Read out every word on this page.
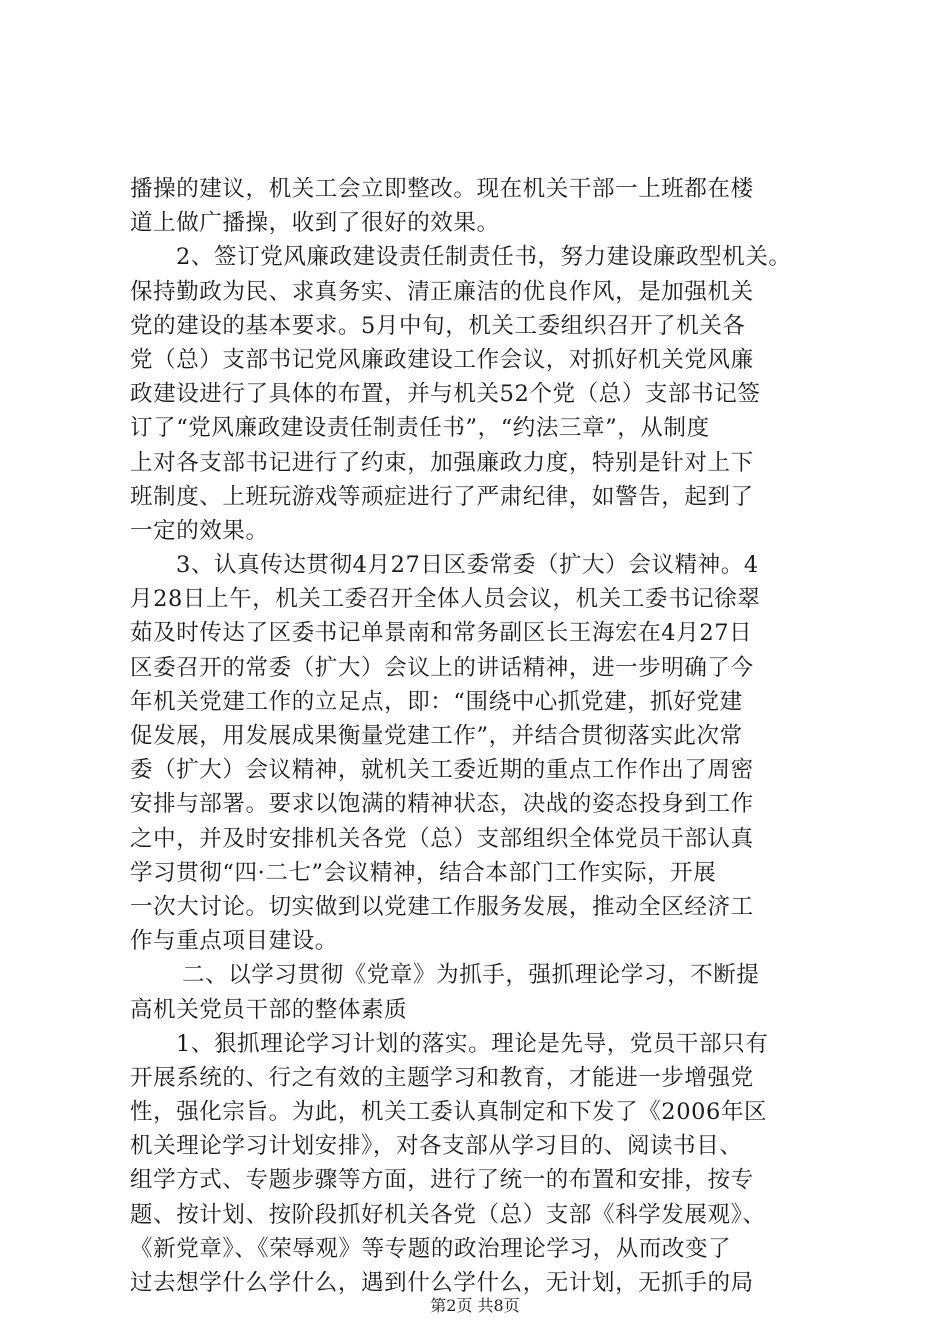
播操的建议，机关工会立即整改。现在机关干部一上班都在楼
道上做广播操，收到了很好的效果。
2、签订党风廉政建设责任制责任书，努力建设廉政型机关。
保持勤政为民、求真务实、清正廉洁的优良作风，是加强机关
党的建设的基本要求。5月中旬，机关工委组织召开了机关各
党（总）支部书记党风廉政建设工作会议，对抓好机关党风廉
政建设进行了具体的布置，并与机关52个党（总）支部书记签
订了“党风廉政建设责任制责任书”，“约法三章”，从制度
上对各支部书记进行了约束，加强廉政力度，特别是针对上下
班制度、上班玩游戏等顽症进行了严肃纪律，如警告，起到了
一定的效果。
3、认真传达贯彻4月27日区委常委（扩大）会议精神。4
月28日上午，机关工委召开全体人员会议，机关工委书记徐翠
茹及时传达了区委书记单景南和常务副区长王海宏在4月27日
区委召开的常委（扩大）会议上的讲话精神，进一步明确了今
年机关党建工作的立足点，即：“围绕中心抓党建，抓好党建
促发展，用发展成果衡量党建工作”，并结合贯彻落实此次常
委（扩大）会议精神，就机关工委近期的重点工作作出了周密
安排与部署。要求以饱满的精神状态，决战的姿态投身到工作
之中，并及时安排机关各党（总）支部组织全体党员干部认真
学习贯彻“四·二七”会议精神，结合本部门工作实际，开展
一次大讨论。切实做到以党建工作服务发展，推动全区经济工
作与重点项目建设。
二、以学习贯彻《党章》为抓手，强抓理论学习，不断提
高机关党员干部的整体素质
1、狠抓理论学习计划的落实。理论是先导，党员干部只有
开展系统的、行之有效的主题学习和教育，才能进一步增强党
性，强化宗旨。为此，机关工委认真制定和下发了《2006年区
机关理论学习计划安排》，对各支部从学习目的、阅读书目、
组学方式、专题步骤等方面，进行了统一的布置和安排，按专
题、按计划、按阶段抓好机关各党（总）支部《科学发展观》、
《新党章》、《荣辱观》等专题的政治理论学习，从而改变了
过去想学什么学什么，遇到什么学什么，无计划，无抓手的局
第2页 共8页
